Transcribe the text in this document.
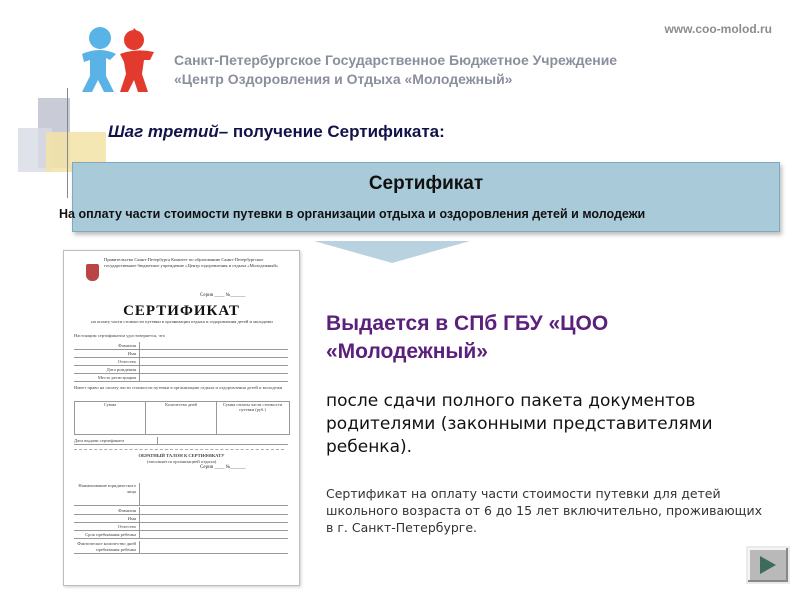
www.coo-molod.ru
Санкт-Петербургское Государственное Бюджетное Учреждение
«Центр Оздоровления и Отдыха «Молодежный»
Шаг третий– получение Сертификата:
Сертификат
На оплату части стоимости путевки в организации отдыха и оздоровления детей и молодежи
Правительство Санкт-Петербурга Комитет по образованию Санкт-Петербургское государственное бюджетное учреждение «Центр оздоровления и отдыха «Молодежный»
Серия ____ №______
СЕРТИФИКАТ
на оплату части стоимости путевки в организации отдыха и оздоровления детей и молодежи
Настоящим сертификатом удостоверяется, что
Фамилия
Имя
Отчество
Дата рождения
Место регистрации
Имеет право на оплату части стоимости путевки в организацию отдыха и оздоровления детей и молодежи
Сумма	Количество дней	Сумма оплаты части стоимости путевки (руб.)
Дата выдачи сертификата
ОБРАТНЫЙ ТАЛОН К СЕРТИФИКАТУ
(заполняется организацией отдыха)
Серия ____ №______
Наименование юридического лица
Фамилия
Имя
Отчество
Срок пребывания ребенка
Фактическое количество дней пребывания ребенка
Выдается в СПб ГБУ «ЦОО «Молодежный»
после сдачи полного пакета документов родителями (законными представителями ребенка).
Сертификат на оплату части стоимости путевки для детей школьного возраста от 6 до 15 лет включительно, проживающих в г. Санкт-Петербурге.
